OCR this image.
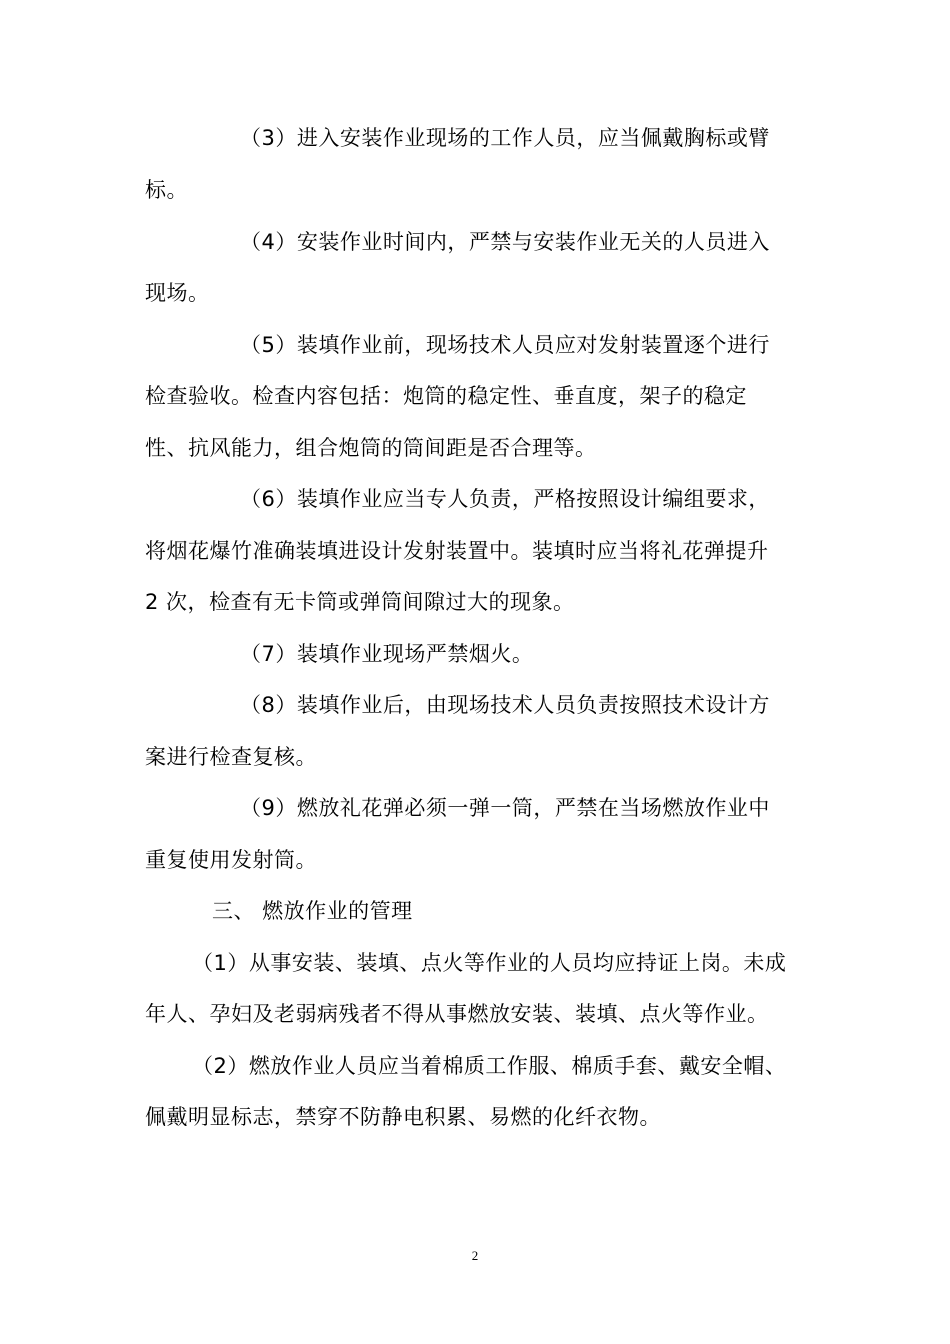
（3）进入安装作业现场的工作人员，应当佩戴胸标或臂
标。
（4）安装作业时间内，严禁与安装作业无关的人员进入
现场。
（5）装填作业前，现场技术人员应对发射装置逐个进行
检查验收。检查内容包括：炮筒的稳定性、垂直度，架子的稳定
性、抗风能力，组合炮筒的筒间距是否合理等。
（6）装填作业应当专人负责，严格按照设计编组要求，
将烟花爆竹准确装填进设计发射装置中。装填时应当将礼花弹提升
2 次，检查有无卡筒或弹筒间隙过大的现象。
（7）装填作业现场严禁烟火。
（8）装填作业后，由现场技术人员负责按照技术设计方
案进行检查复核。
（9）燃放礼花弹必须一弹一筒，严禁在当场燃放作业中
重复使用发射筒。
三、 燃放作业的管理
（1）从事安装、装填、点火等作业的人员均应持证上岗。未成
年人、孕妇及老弱病残者不得从事燃放安装、装填、点火等作业。
（2）燃放作业人员应当着棉质工作服、棉质手套、戴安全帽、
佩戴明显标志，禁穿不防静电积累、易燃的化纤衣物。
2
